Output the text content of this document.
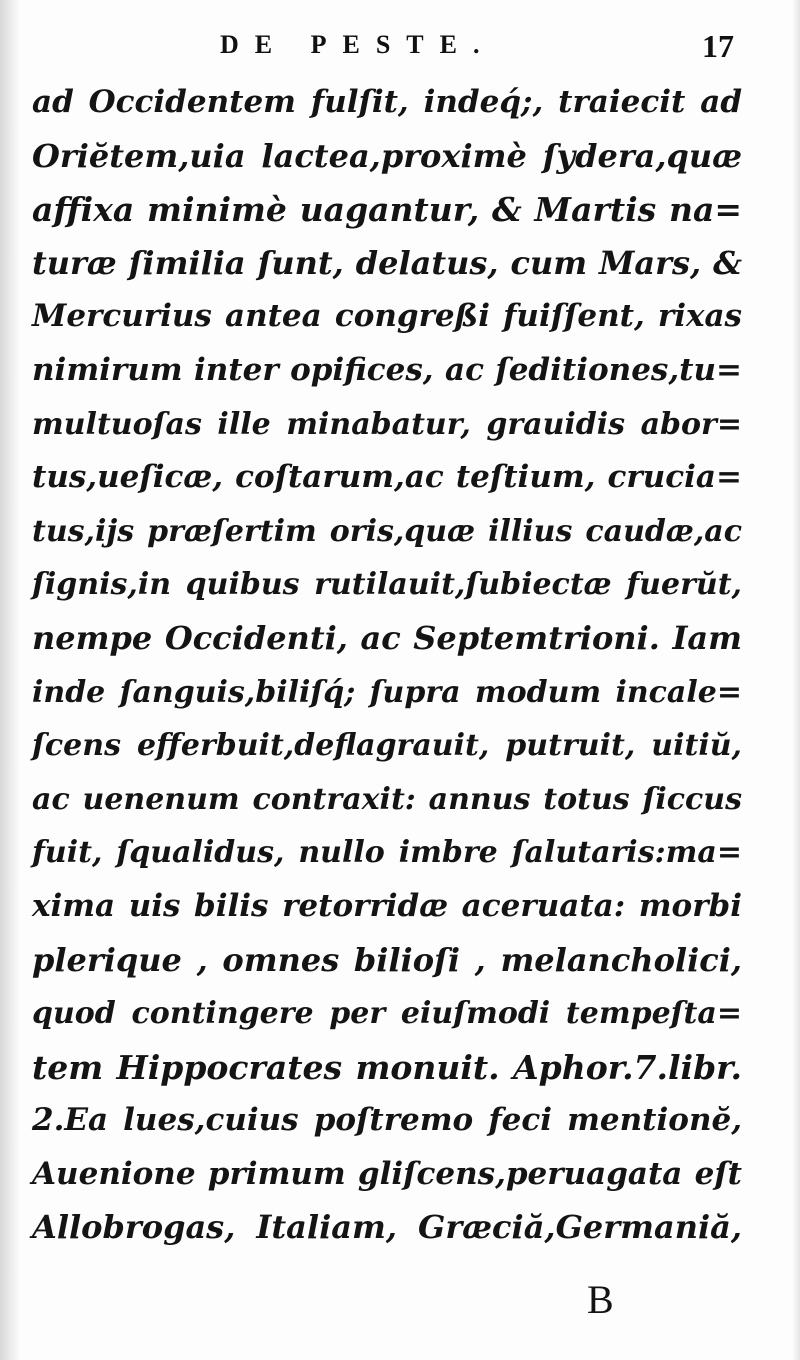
DE PESTE.	17
ad Occidentem fulſit, indeq́;, traiecit ad
Oriĕtem,uia lactea,proximè ſydera,quæ
affixa minimè uagantur, & Martis na=
turæ ſimilia ſunt, delatus, cum Mars, &
Mercurius antea congreßi fuiſſent, rixas
nimirum inter opifices, ac ſeditiones,tu=
multuoſas ille minabatur, grauidis abor=
tus,ueſicæ, coſtarum,ac teſtium, crucia=
tus,ijs præſertim oris,quæ illius caudæ,ac
ſignis,in quibus rutilauit,ſubiectæ fuerŭt,
nempe Occidenti, ac Septemtrioni. Iam
inde ſanguis,biliſq́; ſupra modum incale=
ſcens efferbuit,deflagrauit, putruit, uitiŭ,
ac uenenum contraxit: annus totus ſiccus
fuit, ſqualidus, nullo imbre ſalutaris:ma=
xima uis bilis retorridæ aceruata: morbi
plerique , omnes bilioſi , melancholici,
quod contingere per eiuſmodi tempeſta=
tem Hippocrates monuit. Aphor.7.libr.
2.Ea lues,cuius poſtremo feci mentionĕ,
Auenione primum gliſcens,peruagata eſt
Allobrogas, Italiam, Græciă,Germaniă,
B
